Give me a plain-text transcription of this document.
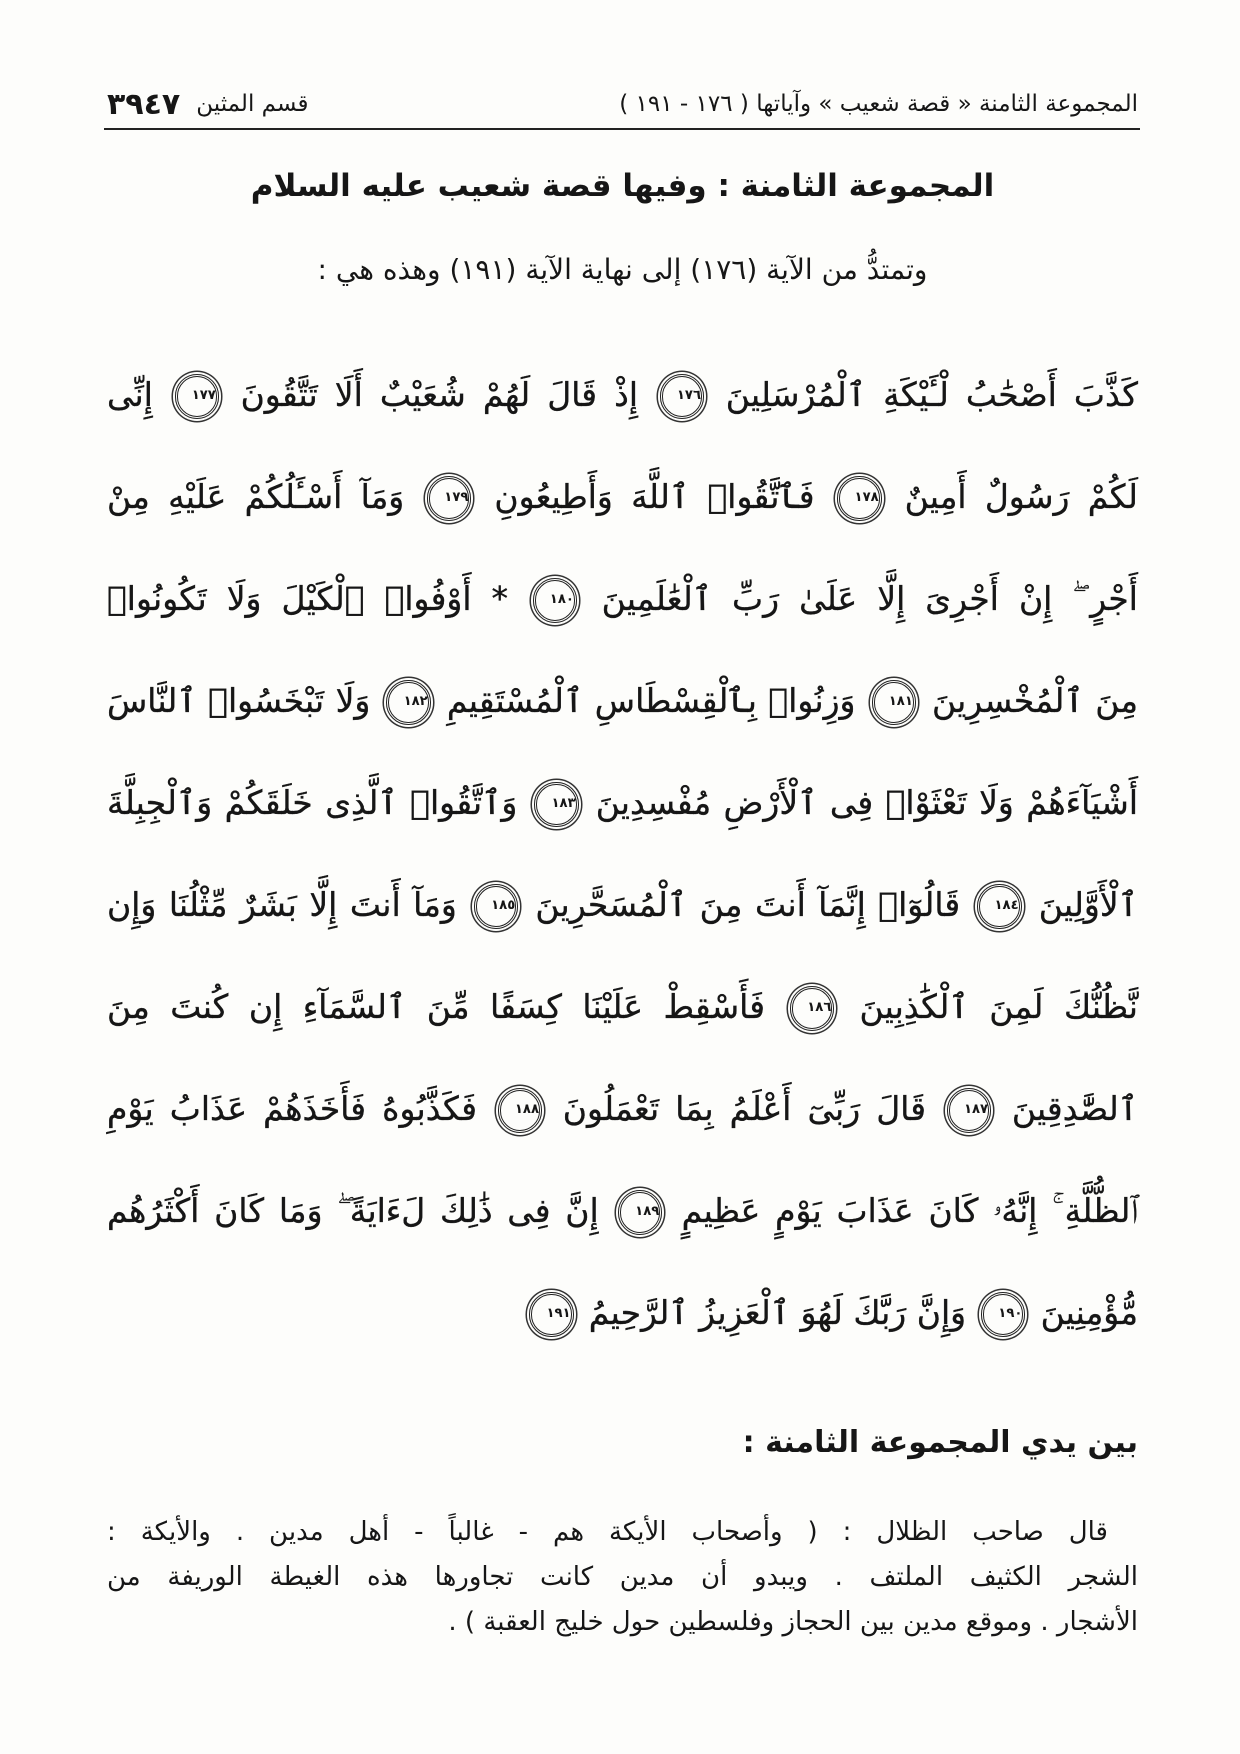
المجموعة الثامنة « قصة شعيب » وآياتها ( ١٧٦ - ١٩١ )
قسم المثين
٣٩٤٧
المجموعة الثامنة : وفيها قصة شعيب عليه السلام
وتمتدُّ من الآية (١٧٦) إلى نهاية الآية (١٩١) وهذه هي :
كَذَّبَ أَصْحَٰبُ لْـَٔيْكَةِ ٱلْمُرْسَلِينَ ١٧٦ إِذْ قَالَ لَهُمْ شُعَيْبٌ أَلَا تَتَّقُونَ ١٧٧ إِنِّى
لَكُمْ رَسُولٌ أَمِينٌ ١٧٨ فَٱتَّقُوا۟ ٱللَّهَ وَأَطِيعُونِ ١٧٩ وَمَآ أَسْـَٔلُكُمْ عَلَيْهِ مِنْ
أَجْرٍ ۖ إِنْ أَجْرِىَ إِلَّا عَلَىٰ رَبِّ ٱلْعَٰلَمِينَ ١٨٠ * أَوْفُوا۟ ٱلْكَيْلَ وَلَا تَكُونُوا۟
مِنَ ٱلْمُخْسِرِينَ ١٨١ وَزِنُوا۟ بِٱلْقِسْطَاسِ ٱلْمُسْتَقِيمِ ١٨٢ وَلَا تَبْخَسُوا۟ ٱلنَّاسَ
أَشْيَآءَهُمْ وَلَا تَعْثَوْا۟ فِى ٱلْأَرْضِ مُفْسِدِينَ ١٨٣ وَٱتَّقُوا۟ ٱلَّذِى خَلَقَكُمْ وَٱلْجِبِلَّةَ
ٱلْأَوَّلِينَ ١٨٤ قَالُوٓا۟ إِنَّمَآ أَنتَ مِنَ ٱلْمُسَحَّرِينَ ١٨٥ وَمَآ أَنتَ إِلَّا بَشَرٌ مِّثْلُنَا وَإِن
نَّظُنُّكَ لَمِنَ ٱلْكَٰذِبِينَ ١٨٦ فَأَسْقِطْ عَلَيْنَا كِسَفًا مِّنَ ٱلسَّمَآءِ إِن كُنتَ مِنَ
ٱلصَّٰدِقِينَ ١٨٧ قَالَ رَبِّىٓ أَعْلَمُ بِمَا تَعْمَلُونَ ١٨٨ فَكَذَّبُوهُ فَأَخَذَهُمْ عَذَابُ يَوْمِ
ٱلظُّلَّةِ ۚ إِنَّهُۥ كَانَ عَذَابَ يَوْمٍ عَظِيمٍ ١٨٩ إِنَّ فِى ذَٰلِكَ لَءَايَةً ۖ وَمَا كَانَ أَكْثَرُهُم
مُّؤْمِنِينَ ١٩٠ وَإِنَّ رَبَّكَ لَهُوَ ٱلْعَزِيزُ ٱلرَّحِيمُ ١٩١
بين يدي المجموعة الثامنة :
قال صاحب الظلال : ( وأصحاب الأيكة هم - غالباً - أهل مدين . والأيكة :
الشجر الكثيف الملتف . ويبدو أن مدين كانت تجاورها هذه الغيطة الوريفة من
الأشجار . وموقع مدين بين الحجاز وفلسطين حول خليج العقبة ) .
